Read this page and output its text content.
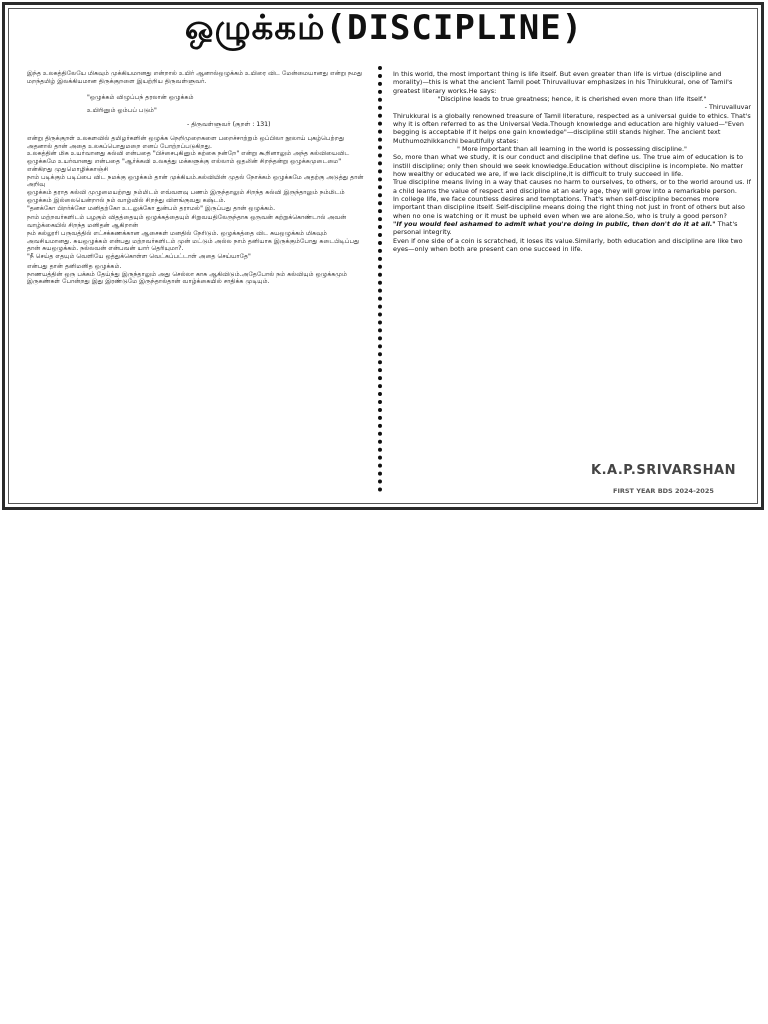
ஒழுக்கம்(DISCIPLINE)

இந்த உலகத்திலேயே மிகவும் முக்கியமானது என்றால் உயிர் ஆனால்ஒழுக்கம் உயிரை விட மேன்மையானது என்று நமது மறந்தமிழ் இலக்கியமான திருக்குறளை இயற்றிய திருவள்ளுவர்.

"ஒழுக்கம் விழுப்பந் தரலான் ஒழுக்கம்
உயிரினும் ஓம்பப் படும்"
- திருவள்ளுவர் (குறள் : 131)

என்று திருக்குறள் உலகளவில் தமிழர்களின் ஒழுக்க நெறிமுறைகளை பறைச்சாற்றும் ஒப்பிலா நூலாய் புகழ்பெற்றது அதனால் தான் அதை உலகப்பொதுமறை எனப் போற்றப்படுகிறது.

உலகத்தின் மிக உயர்வானது கல்வி என்பதை "பிச்சைபுகினும் கற்கை நன்றே" என்று கூறினாலும் அந்த கல்வியைவிட ஒழுக்கமே உயர்வானது என்பதை "ஆர்க்கவி உலகத்து மக்களுக்கு எல்லாம் ஒதலின் சிறந்தன்று ஒழுக்கமுடைமை" என்கிறது முதுமொழிக்காஞ்சி

நாம் படிக்கும் படிப்பை விட நமக்கு ஒழுக்கம் தான் முக்கியம்.கல்வியின் முதல் நோக்கம் ஒழுக்கமே அதற்கு அடுத்து தான் அறிவு

ஒழுக்கம் தராத கல்வி முழுமையற்றது நம்மிடம் எவ்வளவு பணம் இருந்தாலும் சிறந்த கல்வி இருந்தாலும் நம்மிடம் ஒழுக்கம் இல்லையென்றால் நம் வாழ்வில் சிறந்து விளங்குவது கஷ்டம்.

"தனக்கோ பிறர்க்கோ மனிதற்கோ உடலுக்கோ துன்பம் தராமல்" இருப்பது தான் ஒழுக்கம்.

நாம் மற்றவர்களிடம் பழகும் விதத்தையும் ஒழுக்கத்தையும் சிறுவயதிலேருந்தாக ஒருவன் கற்றுக்கொண்டால் அவன் வாழ்க்கையில் சிறந்த மனிதன் ஆகிறான்

நம் கல்லூரி பருவத்தில் எட்சக்கணக்கான ஆசைகள் மனதில் நேரிடும். ஒழுக்கத்தை விட சுயஒழுக்கம் மிகவும் அவசியமானது. சுயஒழுக்கம் என்பது மற்றவர்களிடம் முன் மட்டும் அல்ல நாம் தனியாக இருக்கும்போது கடைபிடிப்பது தான் சுயஒழுக்கம். நல்லவன் என்பவன் யார் தெரியுமா?.

"நீ செய்த எதயும் வெளியே ஒத்துக்கொள்ள வெட்கப்பட்டாள் அதை செய்யாதே"

என்பது தான் தனிமனித ஒழுக்கம்.

நாணயத்தின் ஒரு பக்கம் தேய்ந்து இருந்தாலும் அது செல்லா காசு ஆகிவிடும்.அதேபோல் நம் கல்வியும் ஒழுக்கமும் இருகண்கள் போன்றது இது இரண்டுமே இருந்தால்தான் வாழ்க்கையில் சாதிக்க முடியும்.

In this world, the most important thing is life itself. But even greater than life is virtue (discipline and morality)—this is what the ancient Tamil poet Thiruvalluvar emphasizes in his Thirukkural, one of Tamil's greatest literary works.He says:

"Discipline leads to true greatness; hence, it is cherished even more than life itself."

- Thiruvalluvar

Thirukkural is a globally renowned treasure of Tamil literature, respected as a universal guide to ethics. That's why it is often referred to as the Universal Veda.Though knowledge and education are highly valued—"Even begging is acceptable if it helps one gain knowledge"—discipline still stands higher. The ancient text Muthumozhikkanchi beautifully states:

" More important than all learning in the world is possessing discipline."

So, more than what we study, it is our conduct and discipline that define us. The true aim of education is to instill discipline; only then should we seek knowledge.Education without discipline is incomplete. No matter how wealthy or educated we are, if we lack discipline,it is difficult to truly succeed in life.

True discipline means living in a way that causes no harm to ourselves, to others, or to the world around us. If a child learns the value of respect and discipline at an early age, they will grow into a remarkable person.

In college life, we face countless desires and temptations. That's when self-discipline becomes more important than discipline itself. Self-discipline means doing the right thing not just in front of others but also when no one is watching or it must be upheld even when we are alone.So, who is truly a good person?

"If you would feel ashamed to admit what you're doing in public, then don't do it at all." That's personal integrity.

Even if one side of a coin is scratched, it loses its value.Similarly, both education and discipline are like two eyes—only when both are present can one succeed in life.

K.A.P.SRIVARSHAN
FIRST YEAR BDS 2024-2025
